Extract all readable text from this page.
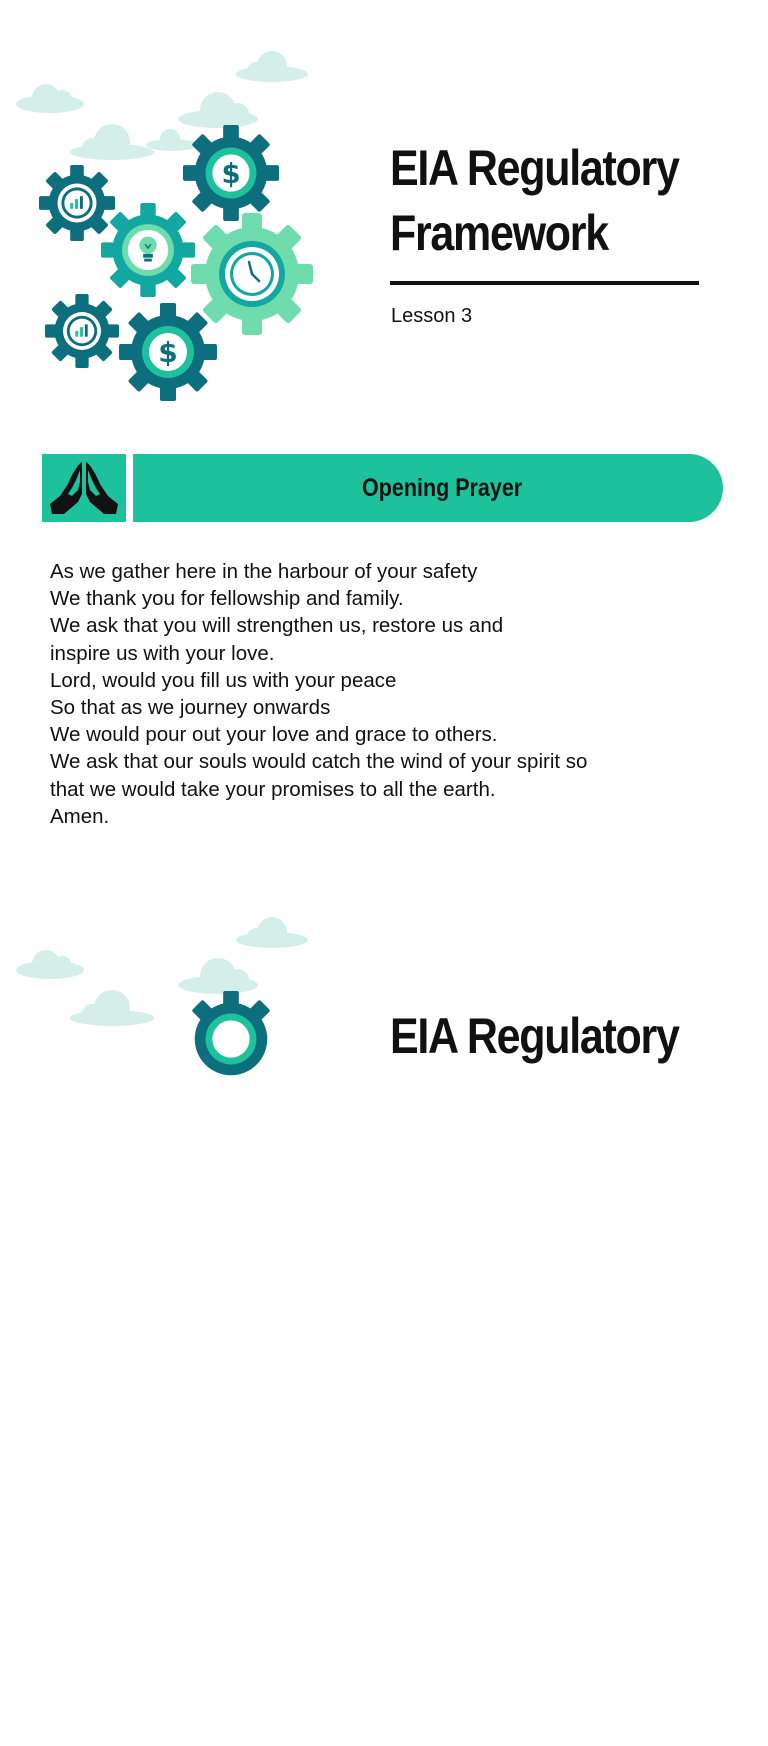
$
$
EIA Regulatory
Framework
Lesson 3
Opening Prayer
As we gather here in the harbour of your safety
We thank you for fellowship and family.
We ask that you will strengthen us, restore us and
inspire us with your love.
Lord, would you fill us with your peace
So that as we journey onwards
We would pour out your love and grace to others.
We ask that our souls would catch the wind of your spirit so
that we would take your promises to all the earth.
Amen.
EIA Regulatory
